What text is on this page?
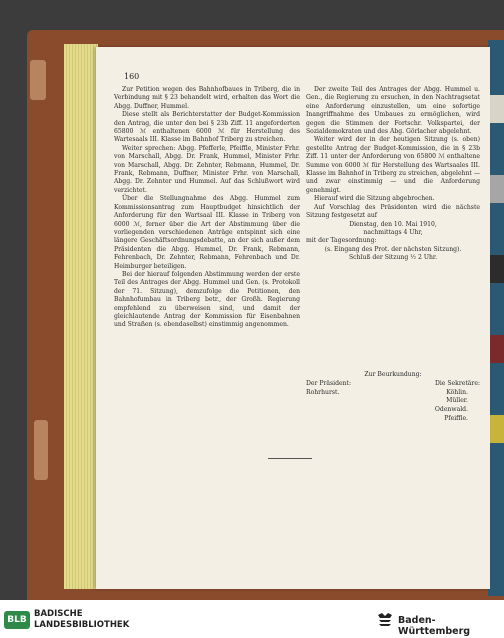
160

Zur Petition wegen des Bahnhofbaues in Triberg, die in Verbindung mit § 23 behandelt wird, erhalten das Wort die Abgg. Duffner, Hummel.

Diese stellt als Berichterstatter der Budget-Kommission den Antrag, die unter den bei § 23b Ziff. 11 angeforderten 65800 ℳ enthaltenen 6000 ℳ für Herstellung des Wartesaals III. Klasse im Bahnhof Triberg zu streichen.

Weiter sprechen: Abgg. Pfefferle, Pfeiffle, Minister Frhr. von Marschall, Abgg. Dr. Frank, Hummel, Minister Frhr. von Marschall, Abgg. Dr. Zehnter, Rebmann, Hummel, Dr. Frank, Rebmann, Duffner, Minister Frhr. von Marschall, Abgg. Dr. Zehnter und Hummel. Auf das Schlußwort wird verzichtet.

Über die Stellungnahme des Abgg. Hummel zum Kommissionsantrag zum Hauptbudget hinsichtlich der Anforderung für den Wartsaal III. Klasse in Triberg von 6000 ℳ, ferner über die Art der Abstimmung über die vorliegenden verschiedenen Anträge entspinnt sich eine längere Geschäftsordnungsdebatte, an der sich außer dem Präsidenten die Abgg. Hummel, Dr. Frank, Rebmann, Fehrenbach, Dr. Zehnter, Rebmann, Fehrenbach und Dr. Heimburger beteiligen.

Bei der hierauf folgenden Abstimmung werden der erste Teil des Antrages der Abgg. Hummel und Gen. (s. Protokoll der 71. Sitzung), demzufolge die Petitionen, den Bahnhofumbau in Triberg betr., der Großh. Regierung empfehlend zu überweisen sind, und damit der gleichlautende Antrag der Kommission für Eisenbahnen und Straßen (s. ebendaselbst) einstimmig angenommen.

Der zweite Teil des Antrages der Abgg. Hummel u. Gen., die Regierung zu ersuchen, in den Nachtragsetat eine Anforderung einzustellen, um eine sofortige Inangriffnahme des Umbaues zu ermöglichen, wird gegen die Stimmen der Fortschr. Volkspartei, der Sozialdemokraten und des Abg. Görlacher abgelehnt.

Weiter wird der in der heutigen Sitzung (s. oben) gestellte Antrag der Budget-Kommission, die in § 23b Ziff. 11 unter der Anforderung von 65800 ℳ enthaltene Summe von 6000 ℳ für Herstellung des Wartsaales III. Klasse im Bahnhof in Triberg zu streichen, abgelehnt — und zwar einstimmig — und die Anforderung genehmigt.

Hierauf wird die Sitzung abgebrochen.

Auf Vorschlag des Präsidenten wird die nächste Sitzung festgesetzt auf

Dienstag, den 10. Mai 1910,

nachmittags 4 Uhr,

mit der Tagesordnung:

(s. Eingang des Prot. der nächsten Sitzung).

Schluß der Sitzung ½ 2 Uhr.

Zur Beurkundung:
Der Präsident:	Die Sekretäre:
Rohrhurst.	Köhlin.
Müller.
Odenwald.
Pfeiffle.
BLB
BADISCHE
LANDESBIBLIOTHEK	Baden-Württemberg
